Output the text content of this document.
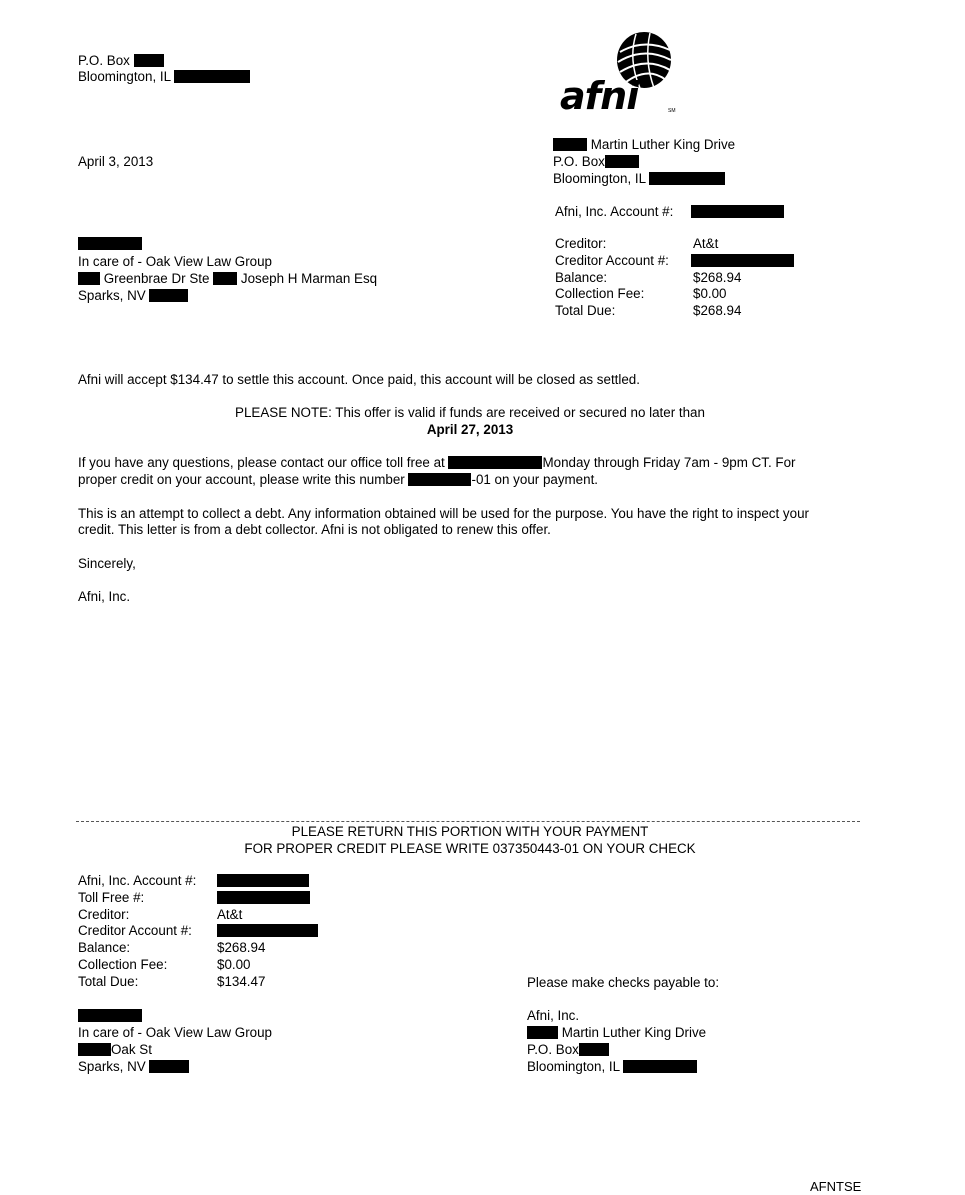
P.O. Box
Bloomington, IL	afni	SM
April 3, 2013
Martin Luther King Drive
P.O. Box
Bloomington, IL
Afni, Inc. Account #:
In care of - Oak View Law Group
Greenbrae Dr Ste Joseph H Marman Esq
Sparks, NV
Creditor:	At&t
Creditor Account #:
Balance:	$268.94
Collection Fee:	$0.00
Total Due:	$268.94
Afni will accept $134.47 to settle this account. Once paid, this account will be closed as settled.
PLEASE NOTE: This offer is valid if funds are received or secured no later than
April 27, 2013
If you have any questions, please contact our office toll free at	Monday through Friday 7am - 9pm CT. For
proper credit on your account, please write this number	-01 on your payment.
This is an attempt to collect a debt. Any information obtained will be used for the purpose. You have the right to inspect your
credit. This letter is from a debt collector. Afni is not obligated to renew this offer.
Sincerely,
Afni, Inc.
PLEASE RETURN THIS PORTION WITH YOUR PAYMENT
FOR PROPER CREDIT PLEASE WRITE 037350443-01 ON YOUR CHECK
Afni, Inc. Account #:
Toll Free #:
Creditor:	At&t
Creditor Account #:
Balance:	$268.94
Collection Fee:	$0.00
Total Due:	$134.47	Please make checks payable to:
Afni, Inc.
Martin Luther King Drive
P.O. Box
Bloomington, IL
In care of - Oak View Law Group
Oak St
Sparks, NV
AFNTSE
